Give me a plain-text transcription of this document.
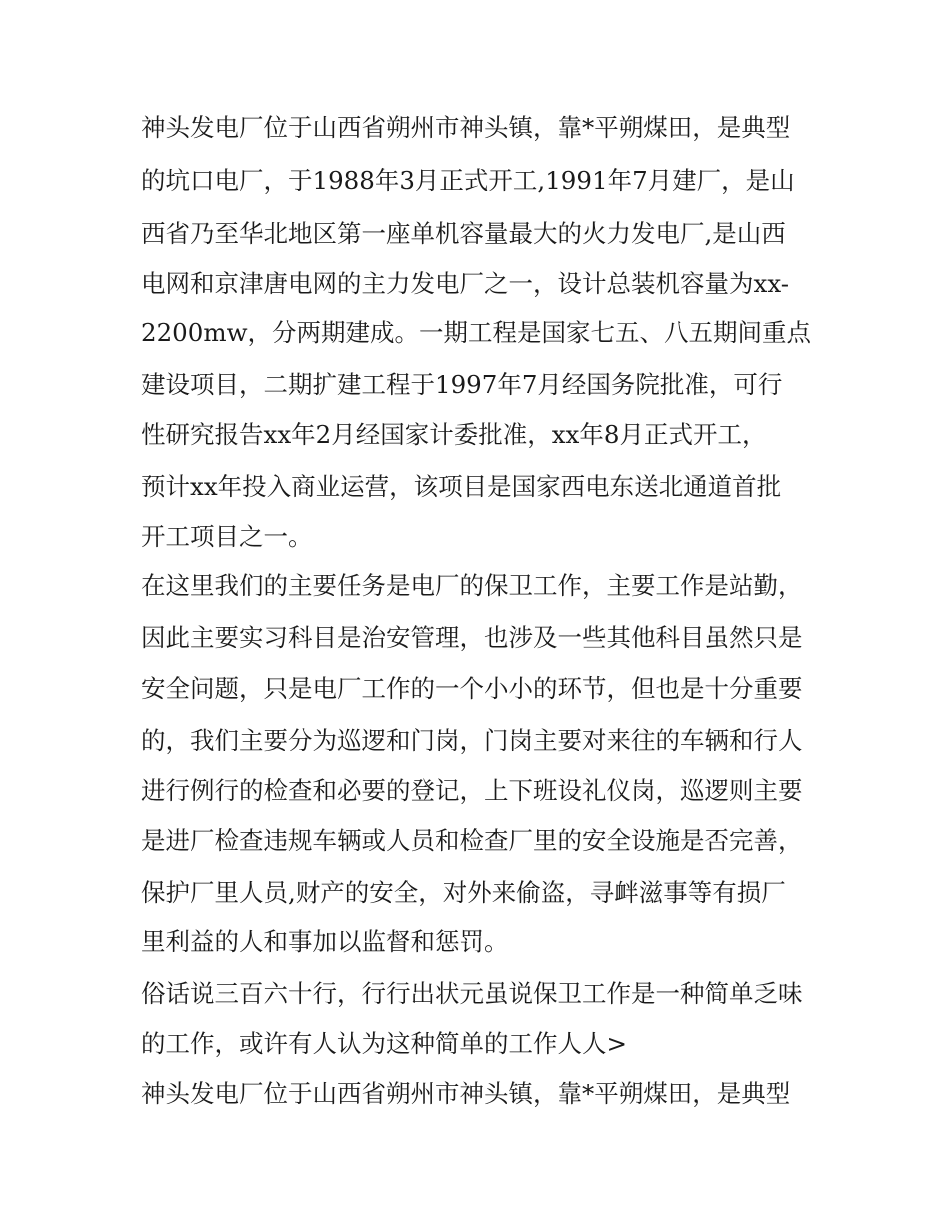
神头发电厂位于山西省朔州市神头镇，靠*平朔煤田，是典型

的坑口电厂，于1988年3月正式开工,1991年7月建厂，是山

西省乃至华北地区第一座单机容量最大的火力发电厂,是山西

电网和京津唐电网的主力发电厂之一，设计总装机容量为xx-

2200mw，分两期建成。一期工程是国家七五、八五期间重点

建设项目，二期扩建工程于1997年7月经国务院批准，可行

性研究报告xx年2月经国家计委批准，xx年8月正式开工，

预计xx年投入商业运营，该项目是国家西电东送北通道首批

开工项目之一。

在这里我们的主要任务是电厂的保卫工作，主要工作是站勤，

因此主要实习科目是治安管理，也涉及一些其他科目虽然只是

安全问题，只是电厂工作的一个小小的环节，但也是十分重要

的，我们主要分为巡逻和门岗，门岗主要对来往的车辆和行人

进行例行的检查和必要的登记，上下班设礼仪岗，巡逻则主要

是进厂检查违规车辆或人员和检查厂里的安全设施是否完善，

保护厂里人员,财产的安全，对外来偷盗，寻衅滋事等有损厂

里利益的人和事加以监督和惩罚。

俗话说三百六十行，行行出状元虽说保卫工作是一种简单乏味

的工作，或许有人认为这种简单的工作人人>

神头发电厂位于山西省朔州市神头镇，靠*平朔煤田，是典型
